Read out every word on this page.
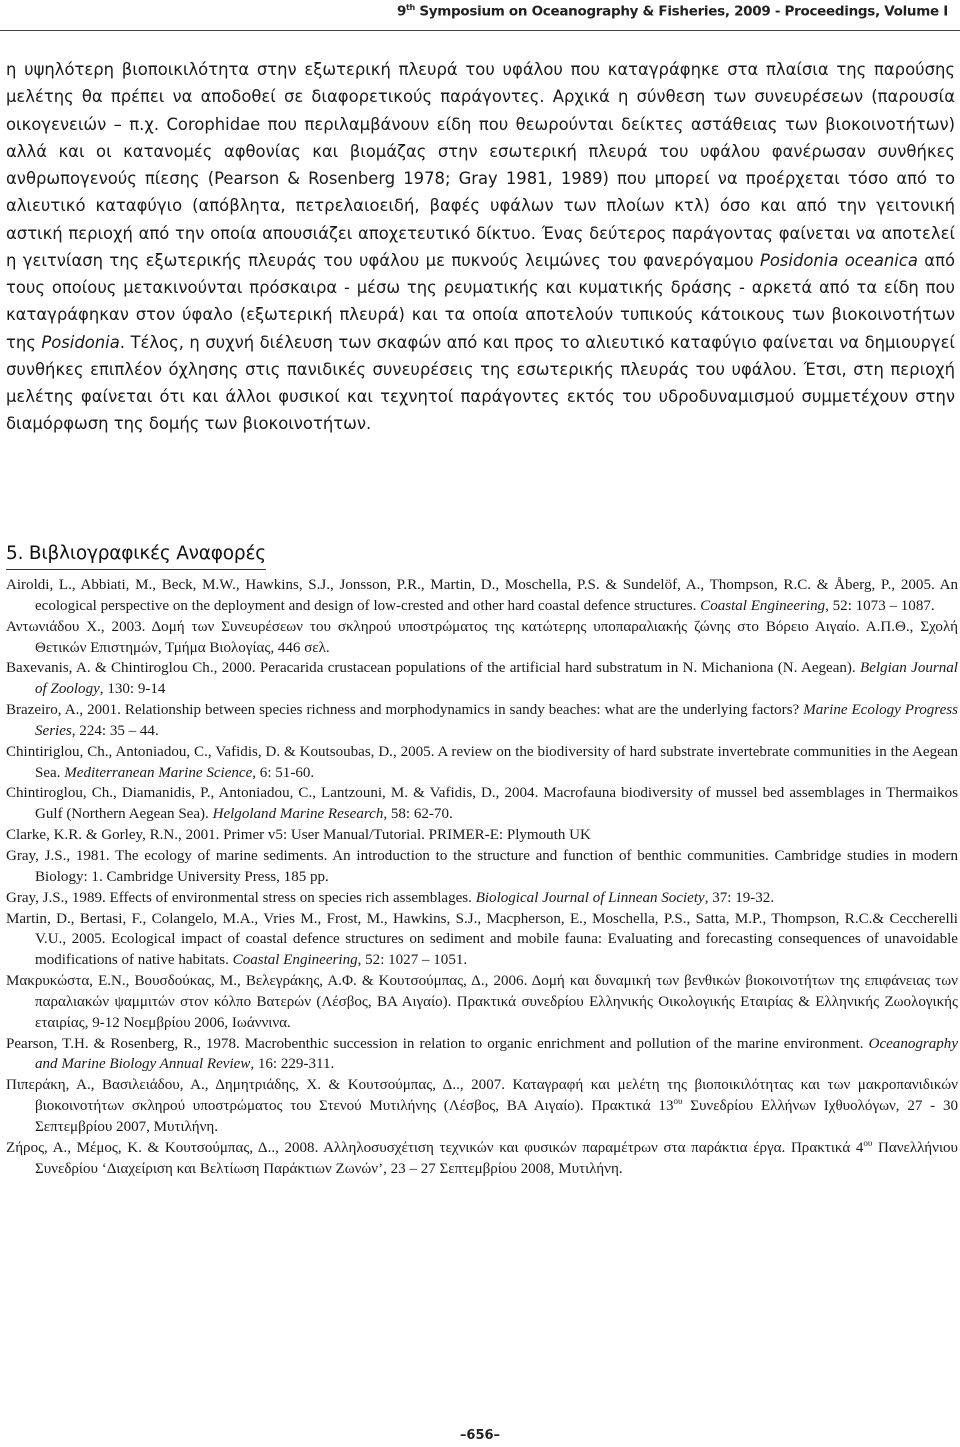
9th Symposium on Oceanography & Fisheries, 2009 - Proceedings, Volume I

η υψηλότερη βιοποικιλότητα στην εξωτερική πλευρά του υφάλου που καταγράφηκε στα πλαίσια της παρούσης μελέτης θα πρέπει να αποδοθεί σε διαφορετικούς παράγοντες. Αρχικά η σύνθεση των συνευρέσεων (παρουσία οικογενειών – π.χ. Corophidae που περιλαμβάνουν είδη που θεωρούνται δείκτες αστάθειας των βιοκοινοτήτων) αλλά και οι κατανομές αφθονίας και βιομάζας στην εσωτερική πλευρά του υφάλου φανέρωσαν συνθήκες ανθρωπογενούς πίεσης (Pearson & Rosenberg 1978; Gray 1981, 1989) που μπορεί να προέρχεται τόσο από το αλιευτικό καταφύγιο (απόβλητα, πετρελαιοειδή, βαφές υφάλων των πλοίων κτλ) όσο και από την γειτονική αστική περιοχή από την οποία απουσιάζει αποχετευτικό δίκτυο. Ένας δεύτερος παράγοντας φαίνεται να αποτελεί η γειτνίαση της εξωτερικής πλευράς του υφάλου με πυκνούς λειμώνες του φανερόγαμου Posidonia oceanica από τους οποίους μετακινούνται πρόσκαιρα - μέσω της ρευματικής και κυματικής δράσης - αρκετά από τα είδη που καταγράφηκαν στον ύφαλο (εξωτερική πλευρά) και τα οποία αποτελούν τυπικούς κάτοικους των βιοκοινοτήτων της Posidonia. Τέλος, η συχνή διέλευση των σκαφών από και προς το αλιευτικό καταφύγιο φαίνεται να δημιουργεί συνθήκες επιπλέον όχλησης στις πανιδικές συνευρέσεις της εσωτερικής πλευράς του υφάλου. Έτσι, στη περιοχή μελέτης φαίνεται ότι και άλλοι φυσικοί και τεχνητοί παράγοντες εκτός του υδροδυναμισμού συμμετέχουν στην διαμόρφωση της δομής των βιοκοινοτήτων.

5. Βιβλιογραφικές Αναφορές
Airoldi, L., Abbiati, M., Beck, M.W., Hawkins, S.J., Jonsson, P.R., Martin, D., Moschella, P.S. & Sundelöf, A., Thompson, R.C. & Åberg, P., 2005. An ecological perspective on the deployment and design of low-crested and other hard coastal defence structures. Coastal Engineering, 52: 1073 – 1087.
Αντωνιάδου Χ., 2003. Δομή των Συνευρέσεων του σκληρού υποστρώματος της κατώτερης υποπαραλιακής ζώνης στο Βόρειο Αιγαίο. Α.Π.Θ., Σχολή Θετικών Επιστημών, Τμήμα Βιολογίας, 446 σελ.
Baxevanis, A. & Chintiroglou Ch., 2000. Peracarida crustacean populations of the artificial hard substratum in N. Michaniona (N. Aegean). Belgian Journal of Zoology, 130: 9-14
Brazeiro, A., 2001. Relationship between species richness and morphodynamics in sandy beaches: what are the underlying factors? Marine Ecology Progress Series, 224: 35 – 44.
Chintiriglou, Ch., Antoniadou, C., Vafidis, D. & Koutsoubas, D., 2005. A review on the biodiversity of hard substrate invertebrate communities in the Aegean Sea. Mediterranean Marine Science, 6: 51-60.
Chintiroglou, Ch., Diamanidis, P., Antoniadou, C., Lantzouni, M. & Vafidis, D., 2004. Macrofauna biodiversity of mussel bed assemblages in Thermaikos Gulf (Northern Aegean Sea). Helgoland Marine Research, 58: 62-70.
Clarke, K.R. & Gorley, R.N., 2001. Primer v5: User Manual/Tutorial. PRIMER-E: Plymouth UK
Gray, J.S., 1981. The ecology of marine sediments. An introduction to the structure and function of benthic communities. Cambridge studies in modern Biology: 1. Cambridge University Press, 185 pp.
Gray, J.S., 1989. Effects of environmental stress on species rich assemblages. Biological Journal of Linnean Society, 37: 19-32.
Martin, D., Bertasi, F., Colangelo, M.A., Vries M., Frost, M., Hawkins, S.J., Macpherson, E., Moschella, P.S., Satta, M.P., Thompson, R.C.& Ceccherelli V.U., 2005. Ecological impact of coastal defence structures on sediment and mobile fauna: Evaluating and forecasting consequences of unavoidable modifications of native habitats. Coastal Engineering, 52: 1027 – 1051.
Μακρυκώστα, Ε.Ν., Βουσδούκας, Μ., Βελεγράκης, Α.Φ. & Κουτσούμπας, Δ., 2006. Δομή και δυναμική των βενθικών βιοκοινοτήτων της επιφάνειας των παραλιακών ψαμμιτών στον κόλπο Βατερών (Λέσβος, ΒΑ Αιγαίο). Πρακτικά συνεδρίου Ελληνικής Οικολογικής Εταιρίας & Ελληνικής Ζωολογικής εταιρίας, 9-12 Νοεμβρίου 2006, Ιωάννινα.
Pearson, T.H. & Rosenberg, R., 1978. Macrobenthic succession in relation to organic enrichment and pollution of the marine environment. Oceanography and Marine Biology Annual Review, 16: 229-311.
Πιπεράκη, Α., Βασιλειάδου, Α., Δημητριάδης, Χ. & Κουτσούμπας, Δ.., 2007. Καταγραφή και μελέτη της βιοποικιλότητας και των μακροπανιδικών βιοκοινοτήτων σκληρού υποστρώματος του Στενού Μυτιλήνης (Λέσβος, ΒΑ Αιγαίο). Πρακτικά $13^{o\upsilon}$ Συνεδρίου Ελλήνων Ιχθυολόγων, 27 - 30 Σεπτεμβρίου 2007, Μυτιλήνη.
Ζήρος, Α., Μέμος, Κ. & Κουτσούμπας, Δ.., 2008. Αλληλοσυσχέτιση τεχνικών και φυσικών παραμέτρων στα παράκτια έργα. Πρακτικά $4^{o\upsilon}$ Πανελλήνιου Συνεδρίου ‘Διαχείριση και Βελτίωση Παράκτιων Ζωνών’, 23 – 27 Σεπτεμβρίου 2008, Μυτιλήνη.
–656–
